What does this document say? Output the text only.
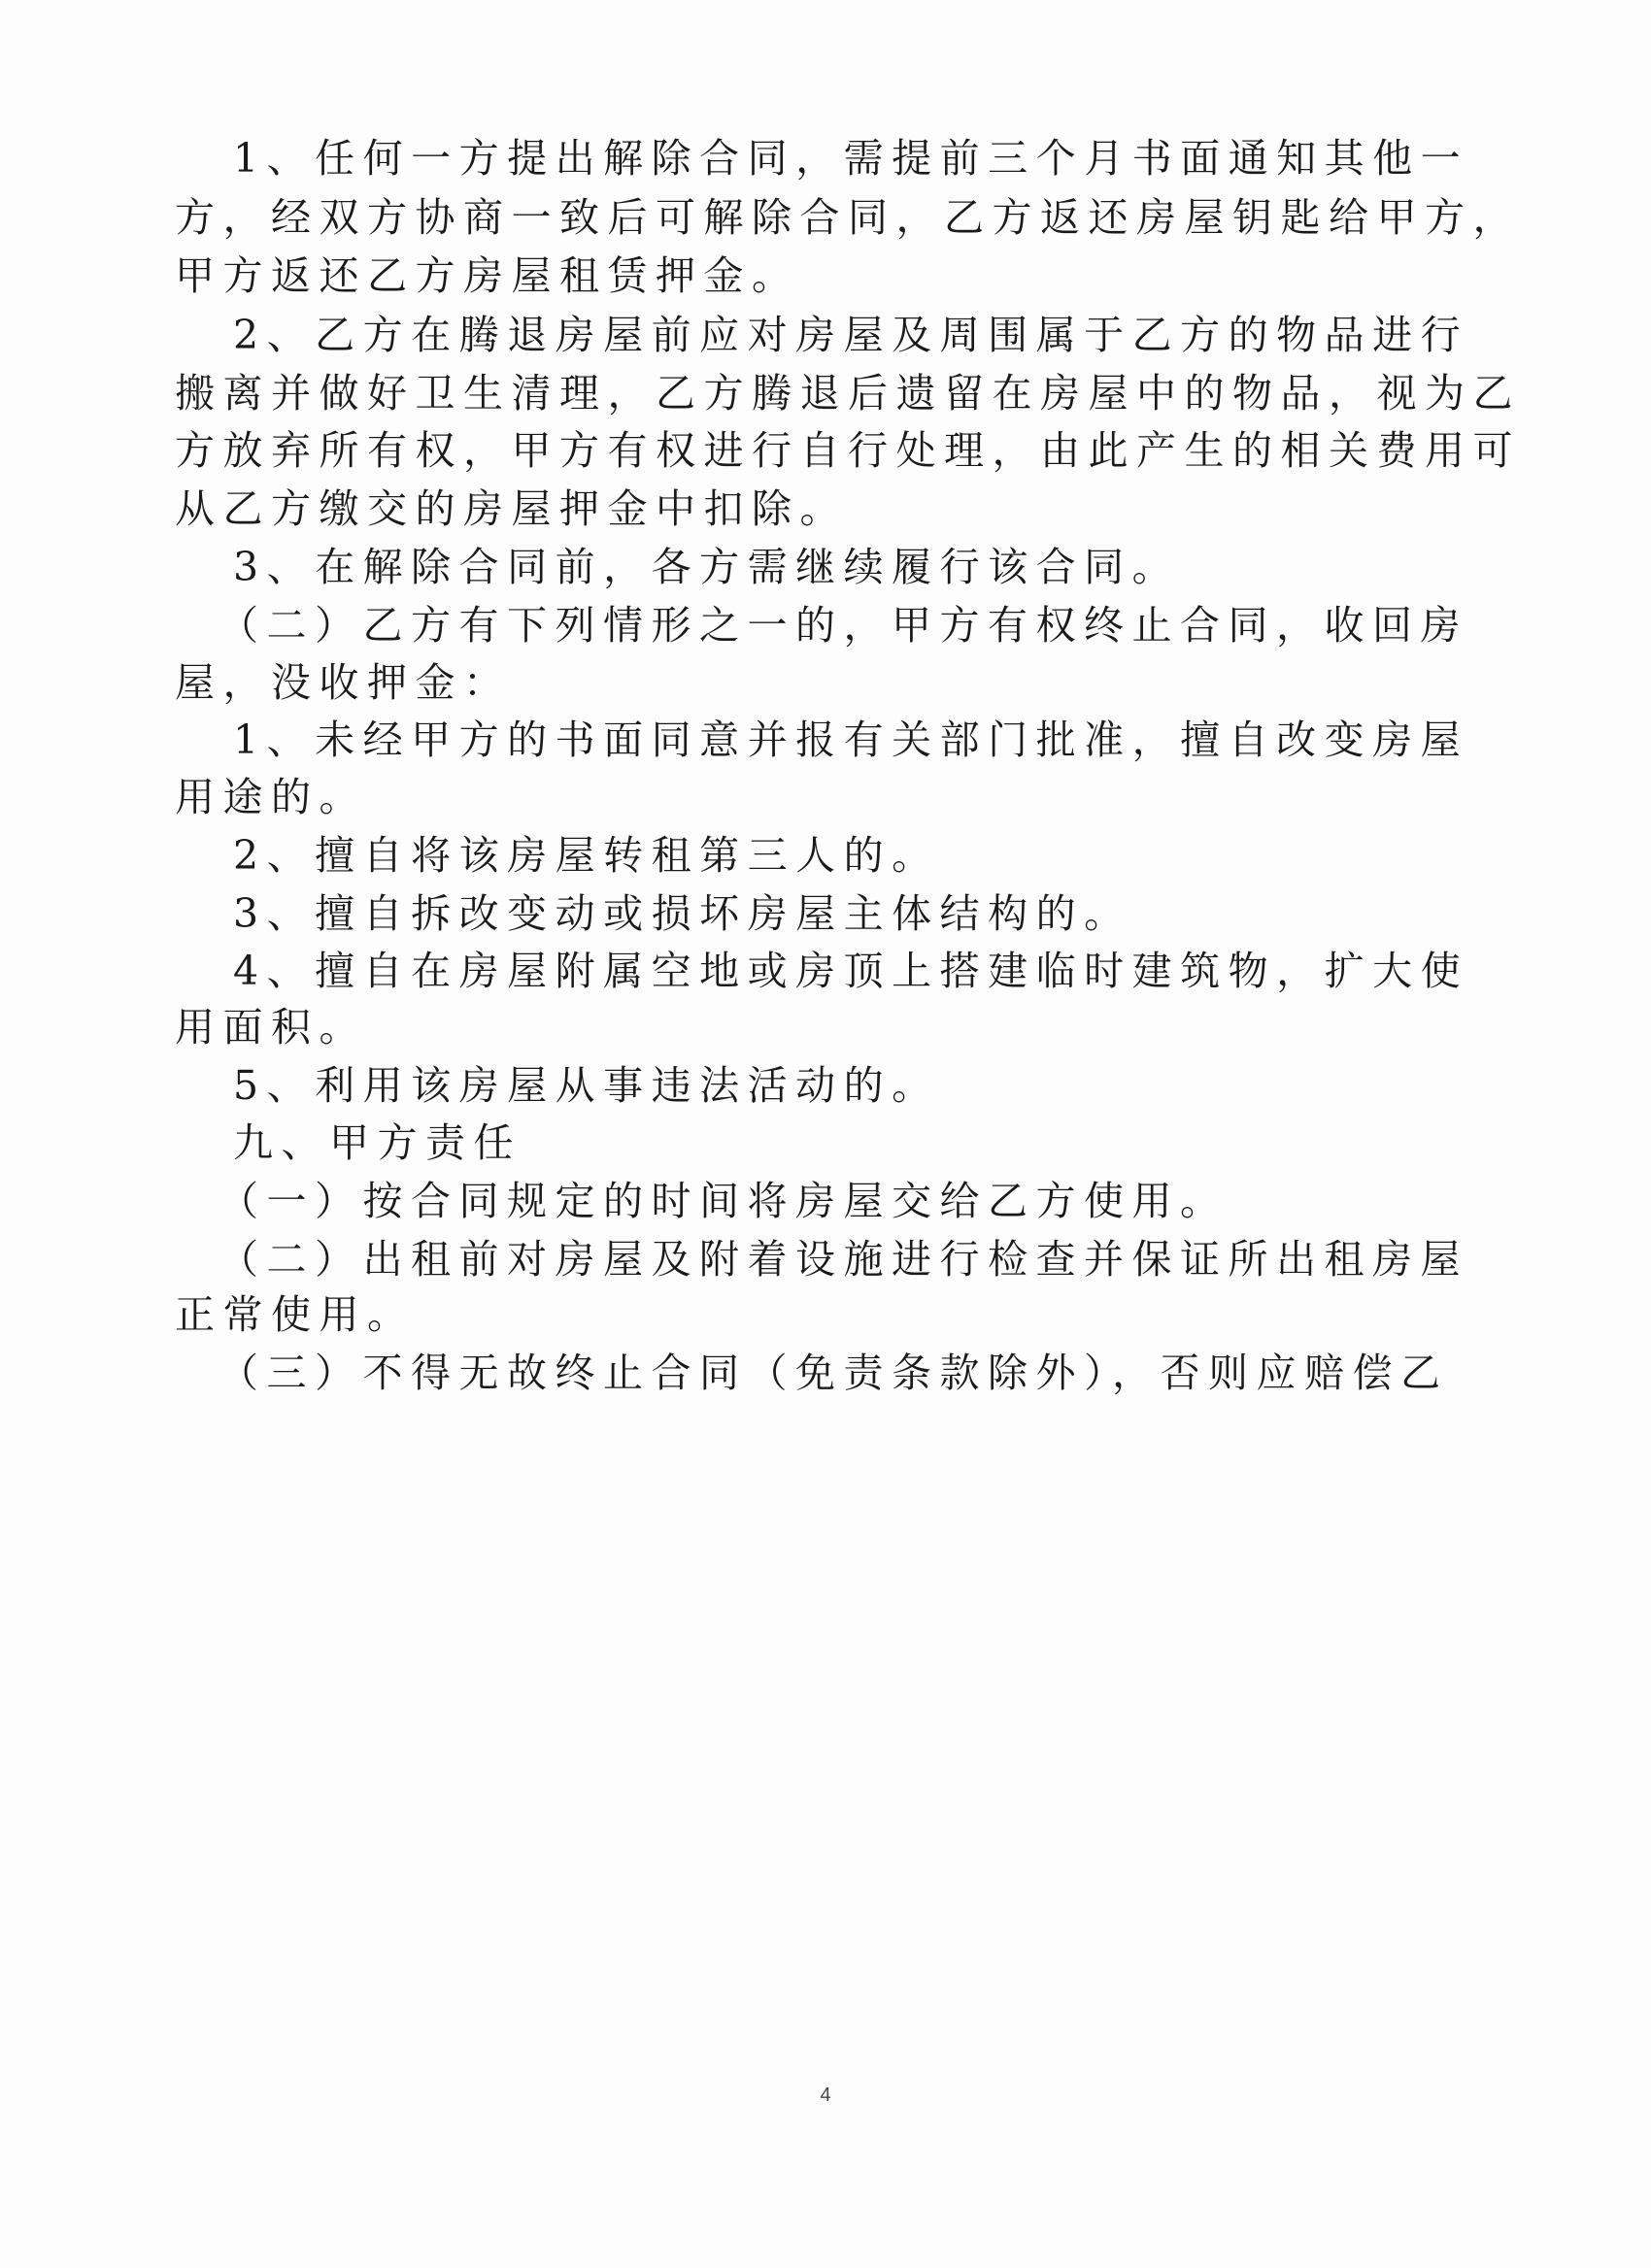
1、任何一方提出解除合同，需提前三个月书面通知其他一
方，经双方协商一致后可解除合同，乙方返还房屋钥匙给甲方，
甲方返还乙方房屋租赁押金。
2、乙方在腾退房屋前应对房屋及周围属于乙方的物品进行
搬离并做好卫生清理，乙方腾退后遗留在房屋中的物品，视为乙
方放弃所有权，甲方有权进行自行处理，由此产生的相关费用可
从乙方缴交的房屋押金中扣除。
3、在解除合同前，各方需继续履行该合同。
（二）乙方有下列情形之一的，甲方有权终止合同，收回房
屋，没收押金：
1、未经甲方的书面同意并报有关部门批准，擅自改变房屋
用途的。
2、擅自将该房屋转租第三人的。
3、擅自拆改变动或损坏房屋主体结构的。
4、擅自在房屋附属空地或房顶上搭建临时建筑物，扩大使
用面积。
5、利用该房屋从事违法活动的。
九、甲方责任
（一）按合同规定的时间将房屋交给乙方使用。
（二）出租前对房屋及附着设施进行检查并保证所出租房屋
正常使用。
（三）不得无故终止合同（免责条款除外），否则应赔偿乙
4
